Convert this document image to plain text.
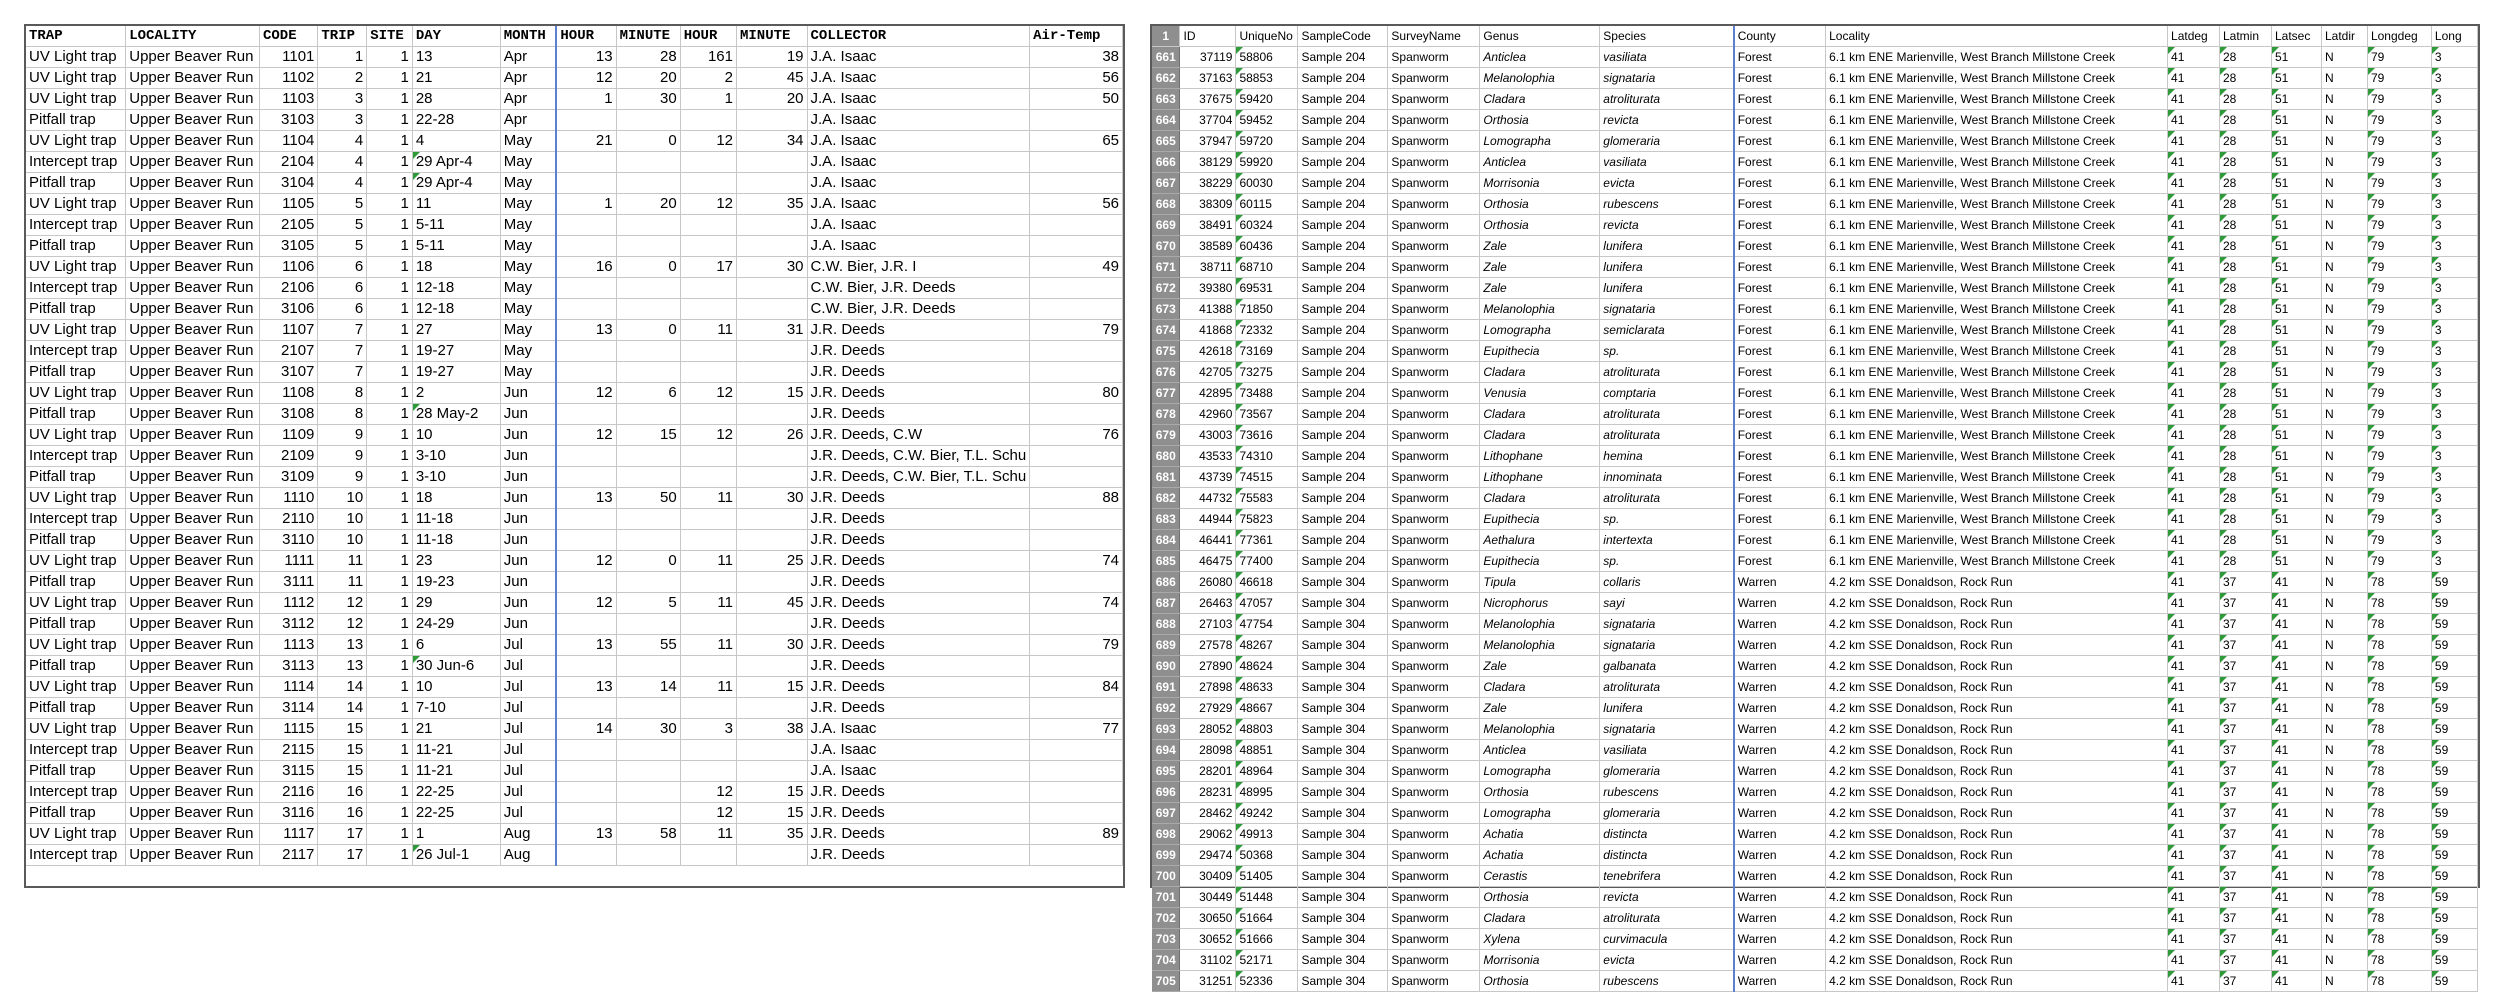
TRAP	LOCALITY	CODE	TRIP	SITE	DAY	MONTH	HOUR	MINUTE	HOUR	MINUTE	COLLECTOR	Air-Temp
UV Light trap	Upper Beaver Run	1101	1	1	13	Apr	13	28	161	19	J.A. Isaac	38
UV Light trap	Upper Beaver Run	1102	2	1	21	Apr	12	20	2	45	J.A. Isaac	56
UV Light trap	Upper Beaver Run	1103	3	1	28	Apr	1	30	1	20	J.A. Isaac	50
Pitfall trap	Upper Beaver Run	3103	3	1	22-28	Apr					J.A. Isaac	
UV Light trap	Upper Beaver Run	1104	4	1	4	May	21	0	12	34	J.A. Isaac	65
Intercept trap	Upper Beaver Run	2104	4	1	29 Apr-4	May					J.A. Isaac	
Pitfall trap	Upper Beaver Run	3104	4	1	29 Apr-4	May					J.A. Isaac	
UV Light trap	Upper Beaver Run	1105	5	1	11	May	1	20	12	35	J.A. Isaac	56
Intercept trap	Upper Beaver Run	2105	5	1	5-11	May					J.A. Isaac	
Pitfall trap	Upper Beaver Run	3105	5	1	5-11	May					J.A. Isaac	
UV Light trap	Upper Beaver Run	1106	6	1	18	May	16	0	17	30	C.W. Bier, J.R. I	49
Intercept trap	Upper Beaver Run	2106	6	1	12-18	May					C.W. Bier, J.R. Deeds	
Pitfall trap	Upper Beaver Run	3106	6	1	12-18	May					C.W. Bier, J.R. Deeds	
UV Light trap	Upper Beaver Run	1107	7	1	27	May	13	0	11	31	J.R. Deeds	79
Intercept trap	Upper Beaver Run	2107	7	1	19-27	May					J.R. Deeds	
Pitfall trap	Upper Beaver Run	3107	7	1	19-27	May					J.R. Deeds	
UV Light trap	Upper Beaver Run	1108	8	1	2	Jun	12	6	12	15	J.R. Deeds	80
Pitfall trap	Upper Beaver Run	3108	8	1	28 May-2	Jun					J.R. Deeds	
UV Light trap	Upper Beaver Run	1109	9	1	10	Jun	12	15	12	26	J.R. Deeds, C.W	76
Intercept trap	Upper Beaver Run	2109	9	1	3-10	Jun					J.R. Deeds, C.W. Bier, T.L. Schu	
Pitfall trap	Upper Beaver Run	3109	9	1	3-10	Jun					J.R. Deeds, C.W. Bier, T.L. Schu	
UV Light trap	Upper Beaver Run	1110	10	1	18	Jun	13	50	11	30	J.R. Deeds	88
Intercept trap	Upper Beaver Run	2110	10	1	11-18	Jun					J.R. Deeds	
Pitfall trap	Upper Beaver Run	3110	10	1	11-18	Jun					J.R. Deeds	
UV Light trap	Upper Beaver Run	1111	11	1	23	Jun	12	0	11	25	J.R. Deeds	74
Pitfall trap	Upper Beaver Run	3111	11	1	19-23	Jun					J.R. Deeds	
UV Light trap	Upper Beaver Run	1112	12	1	29	Jun	12	5	11	45	J.R. Deeds	74
Pitfall trap	Upper Beaver Run	3112	12	1	24-29	Jun					J.R. Deeds	
UV Light trap	Upper Beaver Run	1113	13	1	6	Jul	13	55	11	30	J.R. Deeds	79
Pitfall trap	Upper Beaver Run	3113	13	1	30 Jun-6	Jul					J.R. Deeds	
UV Light trap	Upper Beaver Run	1114	14	1	10	Jul	13	14	11	15	J.R. Deeds	84
Pitfall trap	Upper Beaver Run	3114	14	1	7-10	Jul					J.R. Deeds	
UV Light trap	Upper Beaver Run	1115	15	1	21	Jul	14	30	3	38	J.A. Isaac	77
Intercept trap	Upper Beaver Run	2115	15	1	11-21	Jul					J.A. Isaac	
Pitfall trap	Upper Beaver Run	3115	15	1	11-21	Jul					J.A. Isaac	
Intercept trap	Upper Beaver Run	2116	16	1	22-25	Jul			12	15	J.R. Deeds	
Pitfall trap	Upper Beaver Run	3116	16	1	22-25	Jul			12	15	J.R. Deeds	
UV Light trap	Upper Beaver Run	1117	17	1	1	Aug	13	58	11	35	J.R. Deeds	89
Intercept trap	Upper Beaver Run	2117	17	1	26 Jul-1	Aug					J.R. Deeds	
1	ID	UniqueNo	SampleCode	SurveyName	Genus	Species	County	Locality	Latdeg	Latmin	Latsec	Latdir	Longdeg	Long
661	37119	58806	Sample 204	Spanworm	Anticlea	vasiliata	Forest	6.1 km ENE Marienville, West Branch Millstone Creek	41	28	51	N	79	3
662	37163	58853	Sample 204	Spanworm	Melanolophia	signataria	Forest	6.1 km ENE Marienville, West Branch Millstone Creek	41	28	51	N	79	3
663	37675	59420	Sample 204	Spanworm	Cladara	atroliturata	Forest	6.1 km ENE Marienville, West Branch Millstone Creek	41	28	51	N	79	3
664	37704	59452	Sample 204	Spanworm	Orthosia	revicta	Forest	6.1 km ENE Marienville, West Branch Millstone Creek	41	28	51	N	79	3
665	37947	59720	Sample 204	Spanworm	Lomographa	glomeraria	Forest	6.1 km ENE Marienville, West Branch Millstone Creek	41	28	51	N	79	3
666	38129	59920	Sample 204	Spanworm	Anticlea	vasiliata	Forest	6.1 km ENE Marienville, West Branch Millstone Creek	41	28	51	N	79	3
667	38229	60030	Sample 204	Spanworm	Morrisonia	evicta	Forest	6.1 km ENE Marienville, West Branch Millstone Creek	41	28	51	N	79	3
668	38309	60115	Sample 204	Spanworm	Orthosia	rubescens	Forest	6.1 km ENE Marienville, West Branch Millstone Creek	41	28	51	N	79	3
669	38491	60324	Sample 204	Spanworm	Orthosia	revicta	Forest	6.1 km ENE Marienville, West Branch Millstone Creek	41	28	51	N	79	3
670	38589	60436	Sample 204	Spanworm	Zale	lunifera	Forest	6.1 km ENE Marienville, West Branch Millstone Creek	41	28	51	N	79	3
671	38711	68710	Sample 204	Spanworm	Zale	lunifera	Forest	6.1 km ENE Marienville, West Branch Millstone Creek	41	28	51	N	79	3
672	39380	69531	Sample 204	Spanworm	Zale	lunifera	Forest	6.1 km ENE Marienville, West Branch Millstone Creek	41	28	51	N	79	3
673	41388	71850	Sample 204	Spanworm	Melanolophia	signataria	Forest	6.1 km ENE Marienville, West Branch Millstone Creek	41	28	51	N	79	3
674	41868	72332	Sample 204	Spanworm	Lomographa	semiclarata	Forest	6.1 km ENE Marienville, West Branch Millstone Creek	41	28	51	N	79	3
675	42618	73169	Sample 204	Spanworm	Eupithecia	sp.	Forest	6.1 km ENE Marienville, West Branch Millstone Creek	41	28	51	N	79	3
676	42705	73275	Sample 204	Spanworm	Cladara	atroliturata	Forest	6.1 km ENE Marienville, West Branch Millstone Creek	41	28	51	N	79	3
677	42895	73488	Sample 204	Spanworm	Venusia	comptaria	Forest	6.1 km ENE Marienville, West Branch Millstone Creek	41	28	51	N	79	3
678	42960	73567	Sample 204	Spanworm	Cladara	atroliturata	Forest	6.1 km ENE Marienville, West Branch Millstone Creek	41	28	51	N	79	3
679	43003	73616	Sample 204	Spanworm	Cladara	atroliturata	Forest	6.1 km ENE Marienville, West Branch Millstone Creek	41	28	51	N	79	3
680	43533	74310	Sample 204	Spanworm	Lithophane	hemina	Forest	6.1 km ENE Marienville, West Branch Millstone Creek	41	28	51	N	79	3
681	43739	74515	Sample 204	Spanworm	Lithophane	innominata	Forest	6.1 km ENE Marienville, West Branch Millstone Creek	41	28	51	N	79	3
682	44732	75583	Sample 204	Spanworm	Cladara	atroliturata	Forest	6.1 km ENE Marienville, West Branch Millstone Creek	41	28	51	N	79	3
683	44944	75823	Sample 204	Spanworm	Eupithecia	sp.	Forest	6.1 km ENE Marienville, West Branch Millstone Creek	41	28	51	N	79	3
684	46441	77361	Sample 204	Spanworm	Aethalura	intertexta	Forest	6.1 km ENE Marienville, West Branch Millstone Creek	41	28	51	N	79	3
685	46475	77400	Sample 204	Spanworm	Eupithecia	sp.	Forest	6.1 km ENE Marienville, West Branch Millstone Creek	41	28	51	N	79	3
686	26080	46618	Sample 304	Spanworm	Tipula	collaris	Warren	4.2 km SSE Donaldson, Rock Run	41	37	41	N	78	59
687	26463	47057	Sample 304	Spanworm	Nicrophorus	sayi	Warren	4.2 km SSE Donaldson, Rock Run	41	37	41	N	78	59
688	27103	47754	Sample 304	Spanworm	Melanolophia	signataria	Warren	4.2 km SSE Donaldson, Rock Run	41	37	41	N	78	59
689	27578	48267	Sample 304	Spanworm	Melanolophia	signataria	Warren	4.2 km SSE Donaldson, Rock Run	41	37	41	N	78	59
690	27890	48624	Sample 304	Spanworm	Zale	galbanata	Warren	4.2 km SSE Donaldson, Rock Run	41	37	41	N	78	59
691	27898	48633	Sample 304	Spanworm	Cladara	atroliturata	Warren	4.2 km SSE Donaldson, Rock Run	41	37	41	N	78	59
692	27929	48667	Sample 304	Spanworm	Zale	lunifera	Warren	4.2 km SSE Donaldson, Rock Run	41	37	41	N	78	59
693	28052	48803	Sample 304	Spanworm	Melanolophia	signataria	Warren	4.2 km SSE Donaldson, Rock Run	41	37	41	N	78	59
694	28098	48851	Sample 304	Spanworm	Anticlea	vasiliata	Warren	4.2 km SSE Donaldson, Rock Run	41	37	41	N	78	59
695	28201	48964	Sample 304	Spanworm	Lomographa	glomeraria	Warren	4.2 km SSE Donaldson, Rock Run	41	37	41	N	78	59
696	28231	48995	Sample 304	Spanworm	Orthosia	rubescens	Warren	4.2 km SSE Donaldson, Rock Run	41	37	41	N	78	59
697	28462	49242	Sample 304	Spanworm	Lomographa	glomeraria	Warren	4.2 km SSE Donaldson, Rock Run	41	37	41	N	78	59
698	29062	49913	Sample 304	Spanworm	Achatia	distincta	Warren	4.2 km SSE Donaldson, Rock Run	41	37	41	N	78	59
699	29474	50368	Sample 304	Spanworm	Achatia	distincta	Warren	4.2 km SSE Donaldson, Rock Run	41	37	41	N	78	59
700	30409	51405	Sample 304	Spanworm	Cerastis	tenebrifera	Warren	4.2 km SSE Donaldson, Rock Run	41	37	41	N	78	59
701	30449	51448	Sample 304	Spanworm	Orthosia	revicta	Warren	4.2 km SSE Donaldson, Rock Run	41	37	41	N	78	59
702	30650	51664	Sample 304	Spanworm	Cladara	atroliturata	Warren	4.2 km SSE Donaldson, Rock Run	41	37	41	N	78	59
703	30652	51666	Sample 304	Spanworm	Xylena	curvimacula	Warren	4.2 km SSE Donaldson, Rock Run	41	37	41	N	78	59
704	31102	52171	Sample 304	Spanworm	Morrisonia	evicta	Warren	4.2 km SSE Donaldson, Rock Run	41	37	41	N	78	59
705	31251	52336	Sample 304	Spanworm	Orthosia	rubescens	Warren	4.2 km SSE Donaldson, Rock Run	41	37	41	N	78	59
